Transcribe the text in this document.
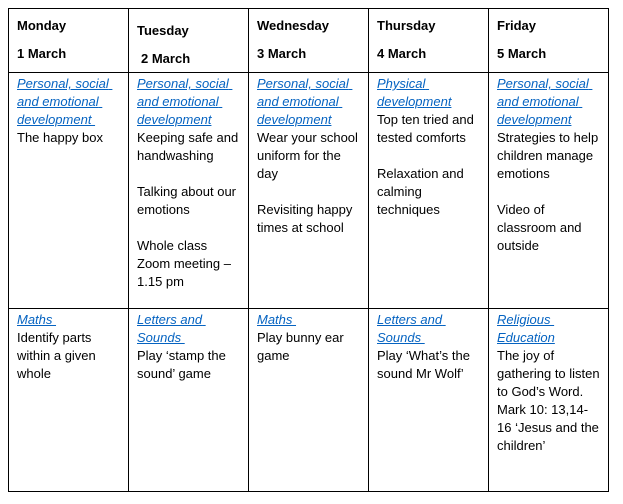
Monday
1 March
Tuesday
2 March
Wednesday
3 March
Thursday
4 March
Friday
5 March
Personal, social and emotional development
The happy box
Personal, social and emotional development
Keeping safe and handwashing
Talking about our emotions
Whole class Zoom meeting – 1.15 pm
Personal, social and emotional development
Wear your school uniform for the day
Revisiting happy times at school
Physical development
Top ten tried and tested comforts
Relaxation and calming techniques
Personal, social and emotional development
Strategies to help children manage emotions
Video of classroom and outside
Maths
Identify parts within a given whole
Letters and Sounds
Play ‘stamp the sound’ game
Maths
Play bunny ear game
Letters and Sounds
Play ‘What’s the sound Mr Wolf’
Religious Education
The joy of gathering to listen to God’s Word.  Mark 10: 13,14-16 ‘Jesus and the children’
